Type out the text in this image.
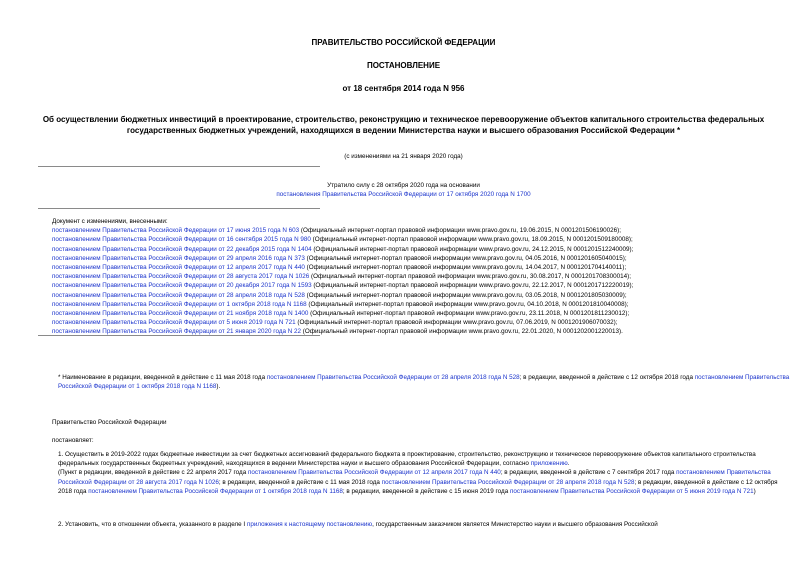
ПРАВИТЕЛЬСТВО РОССИЙСКОЙ ФЕДЕРАЦИИ
ПОСТАНОВЛЕНИЕ
от 18 сентября 2014 года N 956
Об осуществлении бюджетных инвестиций в проектирование, строительство, реконструкцию и техническое перевооружение объектов капитального строительства федеральных государственных бюджетных учреждений, находящихся в ведении Министерства науки и высшего образования Российской Федерации *
(с изменениями на 21 января 2020 года)
Утратило силу с 28 октября 2020 года на основании
постановления Правительства Российской Федерации от 17 октября 2020 года N 1700
Документ с изменениями, внесенными:
постановлением Правительства Российской Федерации от 17 июня 2015 года N 603 (Официальный интернет-портал правовой информации www.pravo.gov.ru, 19.06.2015, N 0001201506190026);
постановлением Правительства Российской Федерации от 16 сентября 2015 года N 980 (Официальный интернет-портал правовой информации www.pravo.gov.ru, 18.09.2015, N 0001201509180008);
постановлением Правительства Российской Федерации от 22 декабря 2015 года N 1404 (Официальный интернет-портал правовой информации www.pravo.gov.ru, 24.12.2015, N 0001201512240009);
постановлением Правительства Российской Федерации от 29 апреля 2016 года N 373 (Официальный интернет-портал правовой информации www.pravo.gov.ru, 04.05.2016, N 0001201605040015);
постановлением Правительства Российской Федерации от 12 апреля 2017 года N 440 (Официальный интернет-портал правовой информации www.pravo.gov.ru, 14.04.2017, N 0001201704140011);
постановлением Правительства Российской Федерации от 28 августа 2017 года N 1026 (Официальный интернет-портал правовой информации www.pravo.gov.ru, 30.08.2017, N 0001201708300014);
постановлением Правительства Российской Федерации от 20 декабря 2017 года N 1593 (Официальный интернет-портал правовой информации www.pravo.gov.ru, 22.12.2017, N 0001201712220019);
постановлением Правительства Российской Федерации от 28 апреля 2018 года N 528 (Официальный интернет-портал правовой информации www.pravo.gov.ru, 03.05.2018, N 0001201805030009);
постановлением Правительства Российской Федерации от 1 октября 2018 года N 1168 (Официальный интернет-портал правовой информации www.pravo.gov.ru, 04.10.2018, N 0001201810040008);
постановлением Правительства Российской Федерации от 21 ноября 2018 года N 1400 (Официальный интернет-портал правовой информации www.pravo.gov.ru, 23.11.2018, N 0001201811230012);
постановлением Правительства Российской Федерации от 5 июня 2019 года N 721 (Официальный интернет-портал правовой информации www.pravo.gov.ru, 07.06.2019, N 0001201906070032);
постановлением Правительства Российской Федерации от 21 января 2020 года N 22 (Официальный интернет-портал правовой информации www.pravo.gov.ru, 22.01.2020, N 0001202001220013).
* Наименование в редакции, введенной в действие с 11 мая 2018 года постановлением Правительства Российской Федерации от 28 апреля 2018 года N 528; в редакции, введенной в действие с 12 октября 2018 года постановлением Правительства Российской Федерации от 1 октября 2018 года N 1168).
Правительство Российской Федерации
постановляет:
1. Осуществить в 2019-2022 годах бюджетные инвестиции за счет бюджетных ассигнований федерального бюджета в проектирование, строительство, реконструкцию и техническое перевооружение объектов капитального строительства федеральных государственных бюджетных учреждений, находящихся в ведении Министерства науки и высшего образования Российской Федерации, согласно приложению.
(Пункт в редакции, введенной в действие с 22 апреля 2017 года постановлением Правительства Российской Федерации от 12 апреля 2017 года N 440; в редакции, введенной в действие с 7 сентября 2017 года постановлением Правительства Российской Федерации от 28 августа 2017 года N 1026; в редакции, введенной в действие с 11 мая 2018 года постановлением Правительства Российской Федерации от 28 апреля 2018 года N 528; в редакции, введенной в действие с 12 октября 2018 года постановлением Правительства Российской Федерации от 1 октября 2018 года N 1168; в редакции, введенной в действие с 15 июня 2019 года постановлением Правительства Российской Федерации от 5 июня 2019 года N 721)
2. Установить, что в отношении объекта, указанного в разделе I приложения к настоящему постановлению, государственным заказчиком является Министерство науки и высшего образования Российской
